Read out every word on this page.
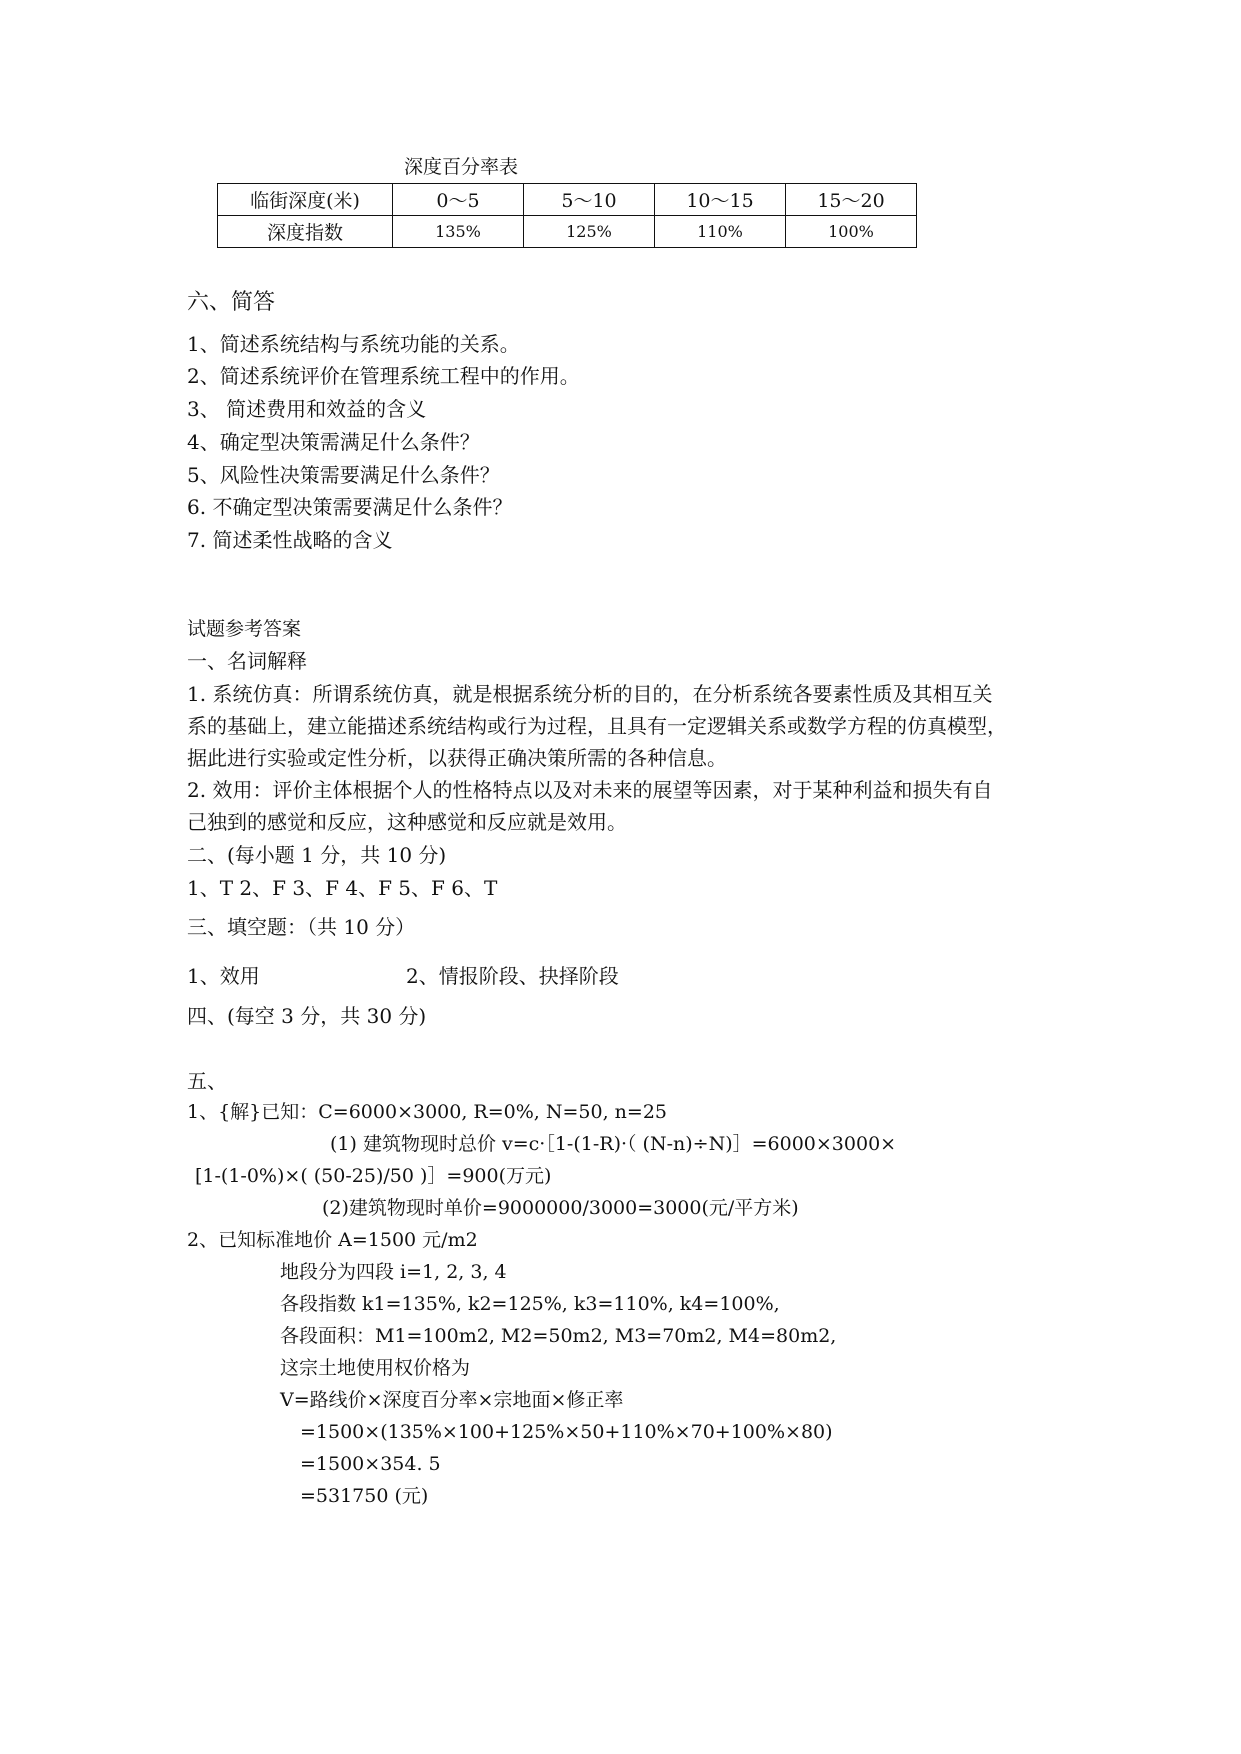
深度百分率表
临街深度(米)	0～5	5～10	10～15	15～20
深度指数	135%	125%	110%	100%
六、简答
1、简述系统结构与系统功能的关系。
2、简述系统评价在管理系统工程中的作用。
3、 简述费用和效益的含义
4、确定型决策需满足什么条件？
5、风险性决策需要满足什么条件？
6. 不确定型决策需要满足什么条件？
7. 简述柔性战略的含义
试题参考答案
一、名词解释
1. 系统仿真：所谓系统仿真，就是根据系统分析的目的，在分析系统各要素性质及其相互关
系的基础上，建立能描述系统结构或行为过程，且具有一定逻辑关系或数学方程的仿真模型，
据此进行实验或定性分析，以获得正确决策所需的各种信息。
2. 效用：评价主体根据个人的性格特点以及对未来的展望等因素，对于某种利益和损失有自
己独到的感觉和反应，这种感觉和反应就是效用。
二、(每小题 1 分，共 10 分)
1、T 2、F 3、F 4、F 5、F 6、T
三、填空题：（共 10 分）
1、效用	2、情报阶段、抉择阶段
四、(每空 3 分，共 30 分)
五、
1、{解}已知：C=6000×3000, R=0%, N=50, n=25
(1) 建筑物现时总价 v=c·［1-(1-R)·（ (N-n)÷N)］=6000×3000×
[1-(1-0%)×( (50-25)/50 )］=900(万元)
(2)建筑物现时单价=9000000/3000=3000(元/平方米)
2、已知标准地价 A=1500 元/m2
地段分为四段 i=1, 2, 3, 4
各段指数 k1=135%, k2=125%, k3=110%, k4=100%,
各段面积：M1=100m2, M2=50m2, M3=70m2, M4=80m2,
这宗土地使用权价格为
V=路线价×深度百分率×宗地面×修正率
=1500×(135%×100+125%×50+110%×70+100%×80)
=1500×354. 5
=531750 (元)
